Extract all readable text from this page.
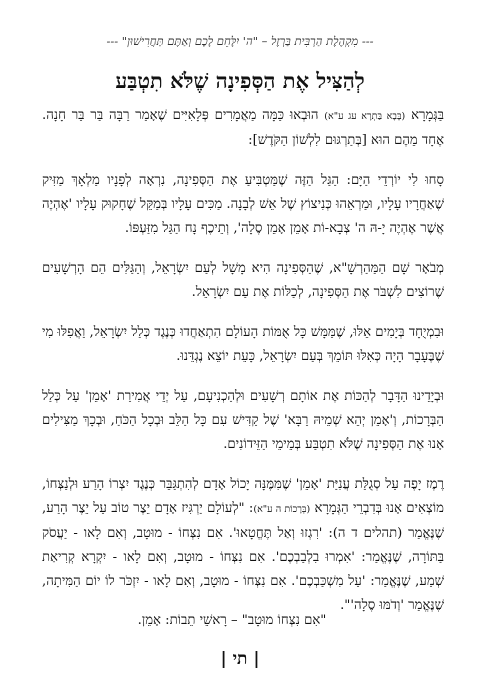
--- מִקְהֶלֶת הַרְבִּית בַּרְזֶל – "ה' יִלָּחֵם לָכֶם וְאַתֶּם תַּחֲרִישׁוּן" ---
לְהַצִּיל אֶת הַסְּפִינָה שֶׁלֹּא תִטְבַּע

בַּגְּמָרָא (בָּבָא בַּתְרָא עג ע"א) הוּבְאוּ כַּמָּה מַאֲמָרִים פְּלָאִיִּים שֶׁאָמַר רַבָּה בַּר בַּר חָנָה. אֶחָד מֵהֶם הוּא [בְּתַרְגּוּם לִלְשׁוֹן הַקֹּדֶשׁ]:

סָחוּ לִי יוֹרְדֵי הַיָּם: הַגַּל הַזֶּה שֶׁמַּטְבִּיעַ אֶת הַסְּפִינָה, נִרְאָה לְפָנָיו מַלְאָךְ מַזִּיק שֶׁאַחֲרָיו עָלָיו, וּמַרְאֵהוּ כְּנִיצוֹץ שֶׁל אֵשׁ לְבָנָה. מַכִּים עָלָיו בְּמַקֵּל שֶׁחָקוּק עָלָיו 'אֶהְיֶה אֲשֶׁר אֶהְיֶה יָ-הּ ה' צְבָא-וֹת אָמֵן אָמֵן סֶלָה', וְתֵיכֶף נָח הַגַּל מִזַּעְפּוֹ.

מְבֹאָר שָׁם הַמַּהַרְשָׁ"א, שֶׁהַסְּפִינָה הִיא מָשָׁל לְעַם יִשְׂרָאֵל, וְהַגַּלִּים הֵם הָרְשָׁעִים שֶׁרוֹצִים לִשְׁבֹּר אֶת הַסְּפִינָה, לְכַלּוֹת אֶת עַם יִשְׂרָאֵל.

וּבִמְיֻחָד בְּיָמִים אֵלּוּ, שֶׁמַּמָּשׁ כָּל אֻמּוֹת הָעוֹלָם הִתְאַחֲדוּ כְּנֶגֶד כְּלַל יִשְׂרָאֵל, וַאֲפִלּוּ מִי שֶׁבֶּעָבָר הָיָה כְּאִלּוּ תּוֹמֵךְ בְּעַם יִשְׂרָאֵל, כָּעֵת יוֹצֵא נֶגְדֵּנוּ.

וּבְיָדֵינוּ הַדָּבָר לְהַכּוֹת אֶת אוֹתָם רְשָׁעִים וּלְהַכְנִיעָם, עַל יְדֵי אֲמִירַת 'אָמֵן' עַל כְּלַל הַבְּרָכוֹת, וְ'אָמֵן יְהֵא שְׁמֵיהּ רַבָּא' שֶׁל קַדִּישׁ עִם כָּל הַלֵּב וּבְכָל הַכֹּחַ, וּבְכָךְ מַצִּילִים אָנוּ אֶת הַסְּפִינָה שֶׁלֹּא תִטְבַּע בְּמֵימֵי הַזֵּידוֹנִים.

רֶמֶז יָפֶה עַל סְגֻלַּת עֲנִיַּת 'אָמֵן' שֶׁמִּמֶּנָּה יָכוֹל אָדָם לְהִתְגַּבֵּר כְּנֶגֶד יִצְרוֹ הָרַע וּלְנַצְּחוֹ, מוֹצְאִים אָנוּ בְּדִבְרֵי הַגְּמָרָא (בְּרָכוֹת ה ע"א): "לְעוֹלָם יַרְגִּיז אָדָם יֵצֶר טוֹב עַל יֵצֶר הָרַע, שֶׁנֶּאֱמַר (תהלים ד ה): 'רִגְזוּ וְאַל תֶּחֱטָאוּ'. אִם נִצְּחוֹ - מוּטָב, וְאִם לָאו - יַעֲסֹק בַּתּוֹרָה, שֶׁנֶּאֱמַר: 'אִמְרוּ בִלְבַבְכֶם'. אִם נִצְּחוֹ - מוּטָב, וְאִם לָאו - יִקְרָא קְרִיאַת שְׁמַע, שֶׁנֶּאֱמַר: 'עַל מִשְׁכַּבְכֶם'. אִם נִצְּחוֹ - מוּטָב, וְאִם לָאו - יִזְכֹּר לוֹ יוֹם הַמִּיתָה, שֶׁנֶּאֱמַר 'וְדֹמּוּ סֶלָה'".

"אִם נִצְּחוֹ מוּטָב" – רָאשֵׁי תֵבוֹת: אָמֵן.
| תי |
